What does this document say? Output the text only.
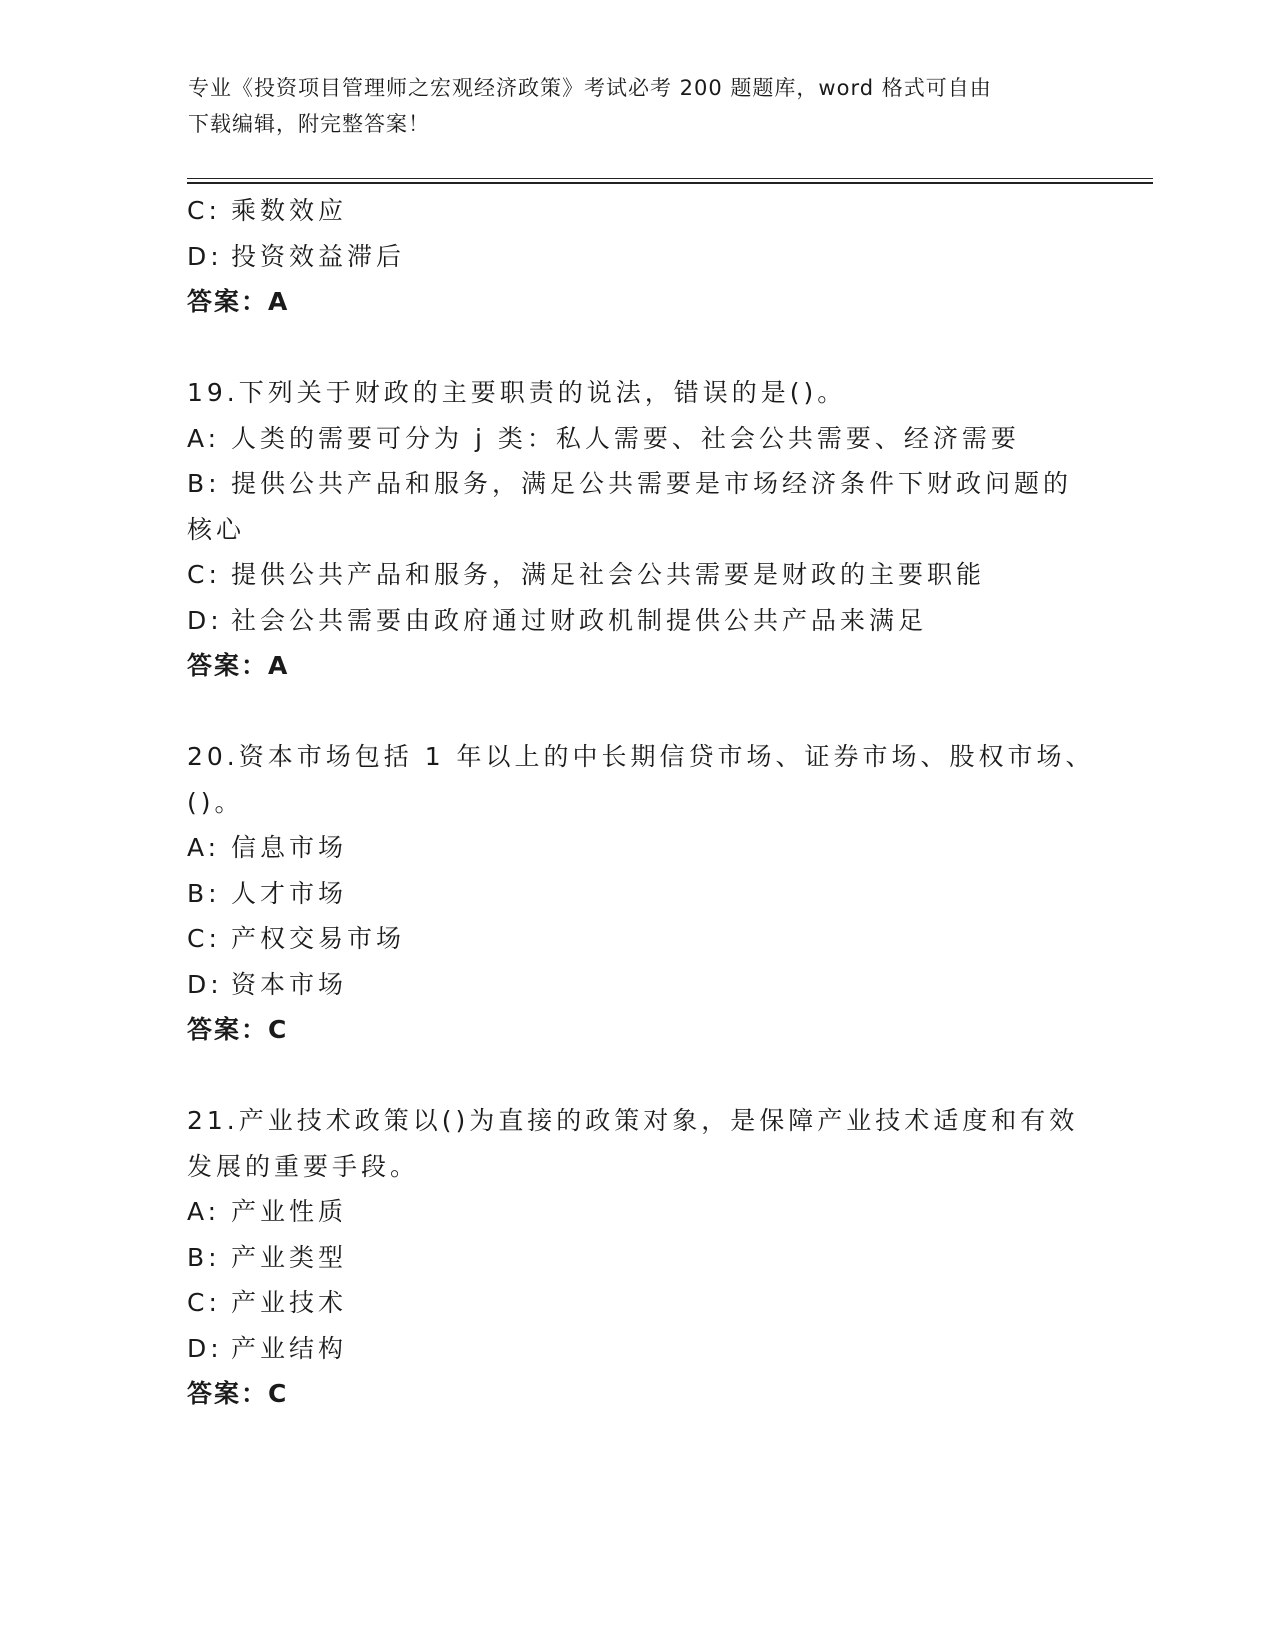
专业《投资项目管理师之宏观经济政策》考试必考 200 题题库，word 格式可自由
下载编辑，附完整答案！
C: 乘数效应
D: 投资效益滞后
答案：A
19.下列关于财政的主要职责的说法，错误的是()。
A: 人类的需要可分为 j 类：私人需要、社会公共需要、经济需要
B: 提供公共产品和服务，满足公共需要是市场经济条件下财政问题的
核心
C: 提供公共产品和服务，满足社会公共需要是财政的主要职能
D: 社会公共需要由政府通过财政机制提供公共产品来满足
答案：A
20.资本市场包括 1 年以上的中长期信贷市场、证券市场、股权市场、
()。
A: 信息市场
B: 人才市场
C: 产权交易市场
D: 资本市场
答案：C
21.产业技术政策以()为直接的政策对象，是保障产业技术适度和有效
发展的重要手段。
A: 产业性质
B: 产业类型
C: 产业技术
D: 产业结构
答案：C
